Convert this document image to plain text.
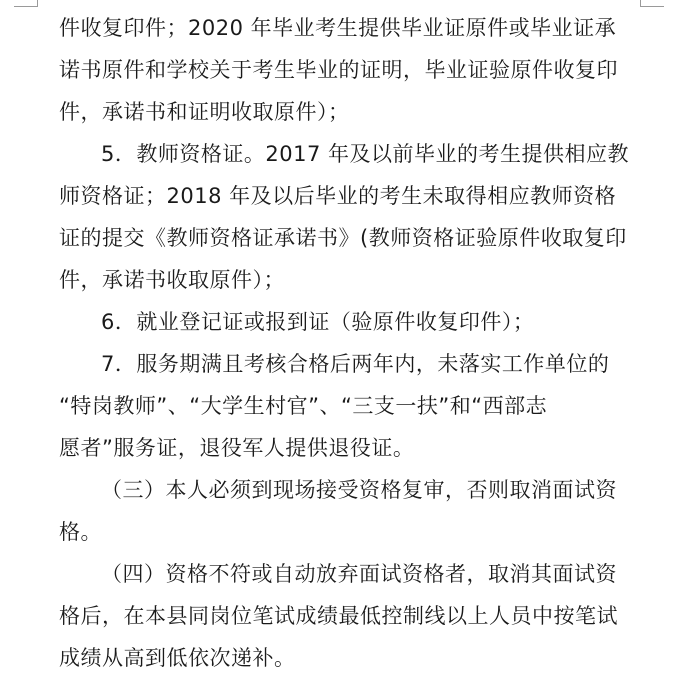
件收复印件；2020 年毕业考生提供毕业证原件或毕业证承
诺书原件和学校关于考生毕业的证明，毕业证验原件收复印
件，承诺书和证明收取原件）；
5．教师资格证。2017 年及以前毕业的考生提供相应教
师资格证；2018 年及以后毕业的考生未取得相应教师资格
证的提交《教师资格证承诺书》(教师资格证验原件收取复印
件，承诺书收取原件）；
6．就业登记证或报到证（验原件收复印件）；
7．服务期满且考核合格后两年内，未落实工作单位的
“特岗教师”、“大学生村官”、“三支一扶”和“西部志
愿者”服务证，退役军人提供退役证。
（三）本人必须到现场接受资格复审，否则取消面试资
格。
（四）资格不符或自动放弃面试资格者，取消其面试资
格后，在本县同岗位笔试成绩最低控制线以上人员中按笔试
成绩从高到低依次递补。
